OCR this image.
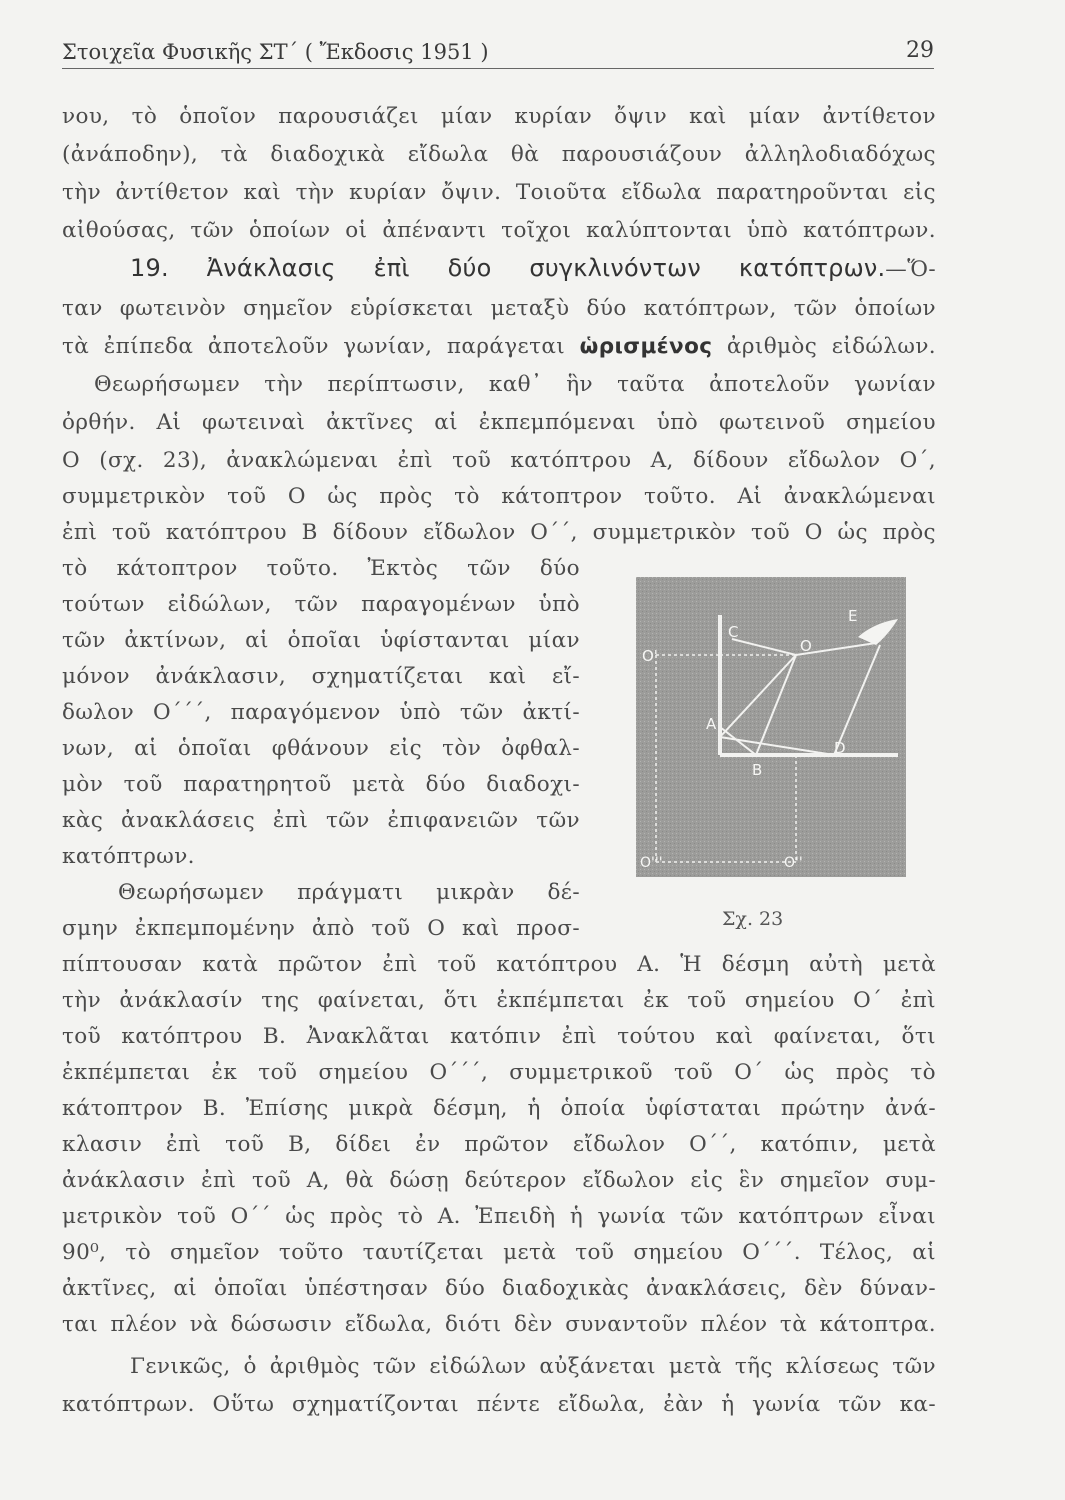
Στοιχεῖα Φυσικῆς ΣΤ΄ ( Ἔκδοσις 1951 )	29
νου, τὸ ὁποῖον παρουσιάζει μίαν κυρίαν ὄψιν καὶ μίαν ἀντίθετον
(ἀνάποδην), τὰ διαδοχικὰ εἴδωλα θὰ παρουσιάζουν ἀλληλοδιαδόχως
τὴν ἀντίθετον καὶ τὴν κυρίαν ὄψιν. Τοιοῦτα εἴδωλα παρατηροῦνται εἰς
αἰθούσας, τῶν ὁποίων οἱ ἀπέναντι τοῖχοι καλύπτονται ὑπὸ κατόπτρων.
19. Ἀνάκλασις ἐπὶ δύο συγκλινόντων κατόπτρων.—Ὅ-
ταν φωτεινὸν σημεῖον εὑρίσκεται μεταξὺ δύο κατόπτρων, τῶν ὁποίων
τὰ ἐπίπεδα ἀποτελοῦν γωνίαν, παράγεται ὡρισμένος ἀριθμὸς εἰδώλων.
Θεωρήσωμεν τὴν περίπτωσιν, καθ᾽ ἣν ταῦτα ἀποτελοῦν γωνίαν
ὀρθήν. Αἱ φωτειναὶ ἀκτῖνες αἱ ἐκπεμπόμεναι ὑπὸ φωτεινοῦ σημείου
Ο (σχ. 23), ἀνακλώμεναι ἐπὶ τοῦ κατόπτρου Α, δίδουν εἴδωλον Ο΄,
συμμετρικὸν τοῦ Ο ὡς πρὸς τὸ κάτοπτρον τοῦτο. Αἱ ἀνακλώμεναι
ἐπὶ τοῦ κατόπτρου Β δίδουν εἴδωλον Ο΄΄, συμμετρικὸν τοῦ Ο ὡς πρὸς
τὸ κάτοπτρον τοῦτο. Ἐκτὸς τῶν δύο
τούτων εἰδώλων, τῶν παραγομένων ὑπὸ
τῶν ἀκτίνων, αἱ ὁποῖαι ὑφίστανται μίαν
μόνον ἀνάκλασιν, σχηματίζεται καὶ εἴ-
δωλον Ο΄΄΄, παραγόμενον ὑπὸ τῶν ἀκτί-
νων, αἱ ὁποῖαι φθάνουν εἰς τὸν ὀφθαλ-
μὸν τοῦ παρατηρητοῦ μετὰ δύο διαδοχι-
κὰς ἀνακλάσεις ἐπὶ τῶν ἐπιφανειῶν τῶν
κατόπτρων.
Θεωρήσωμεν πράγματι μικρὰν δέ-
σμην ἐκπεμπομένην ἀπὸ τοῦ Ο καὶ προσ-
O'
C
O
E
A
B
D
O'''	O''
Σχ. 23
πίπτουσαν κατὰ πρῶτον ἐπὶ τοῦ κατόπτρου Α. Ἡ δέσμη αὐτὴ μετὰ
τὴν ἀνάκλασίν της φαίνεται, ὅτι ἐκπέμπεται ἐκ τοῦ σημείου Ο΄ ἐπὶ
τοῦ κατόπτρου Β. Ἀνακλᾶται κατόπιν ἐπὶ τούτου καὶ φαίνεται, ὅτι
ἐκπέμπεται ἐκ τοῦ σημείου Ο΄΄΄, συμμετρικοῦ τοῦ Ο΄ ὡς πρὸς τὸ
κάτοπτρον Β. Ἐπίσης μικρὰ δέσμη, ἡ ὁποία ὑφίσταται πρώτην ἀνά-
κλασιν ἐπὶ τοῦ Β, δίδει ἐν πρῶτον εἴδωλον Ο΄΄, κατόπιν, μετὰ
ἀνάκλασιν ἐπὶ τοῦ Α, θὰ δώσῃ δεύτερον εἴδωλον εἰς ἓν σημεῖον συμ-
μετρικὸν τοῦ Ο΄΄ ὡς πρὸς τὸ Α. Ἐπειδὴ ἡ γωνία τῶν κατόπτρων εἶναι
90⁰, τὸ σημεῖον τοῦτο ταυτίζεται μετὰ τοῦ σημείου Ο΄΄΄. Τέλος, αἱ
ἀκτῖνες, αἱ ὁποῖαι ὑπέστησαν δύο διαδοχικὰς ἀνακλάσεις, δὲν δύναν-
ται πλέον νὰ δώσωσιν εἴδωλα, διότι δὲν συναντοῦν πλέον τὰ κάτοπτρα.
Γενικῶς, ὁ ἀριθμὸς τῶν εἰδώλων αὐξάνεται μετὰ τῆς κλίσεως τῶν
κατόπτρων. Οὕτω σχηματίζονται πέντε εἴδωλα, ἐὰν ἡ γωνία τῶν κα-
